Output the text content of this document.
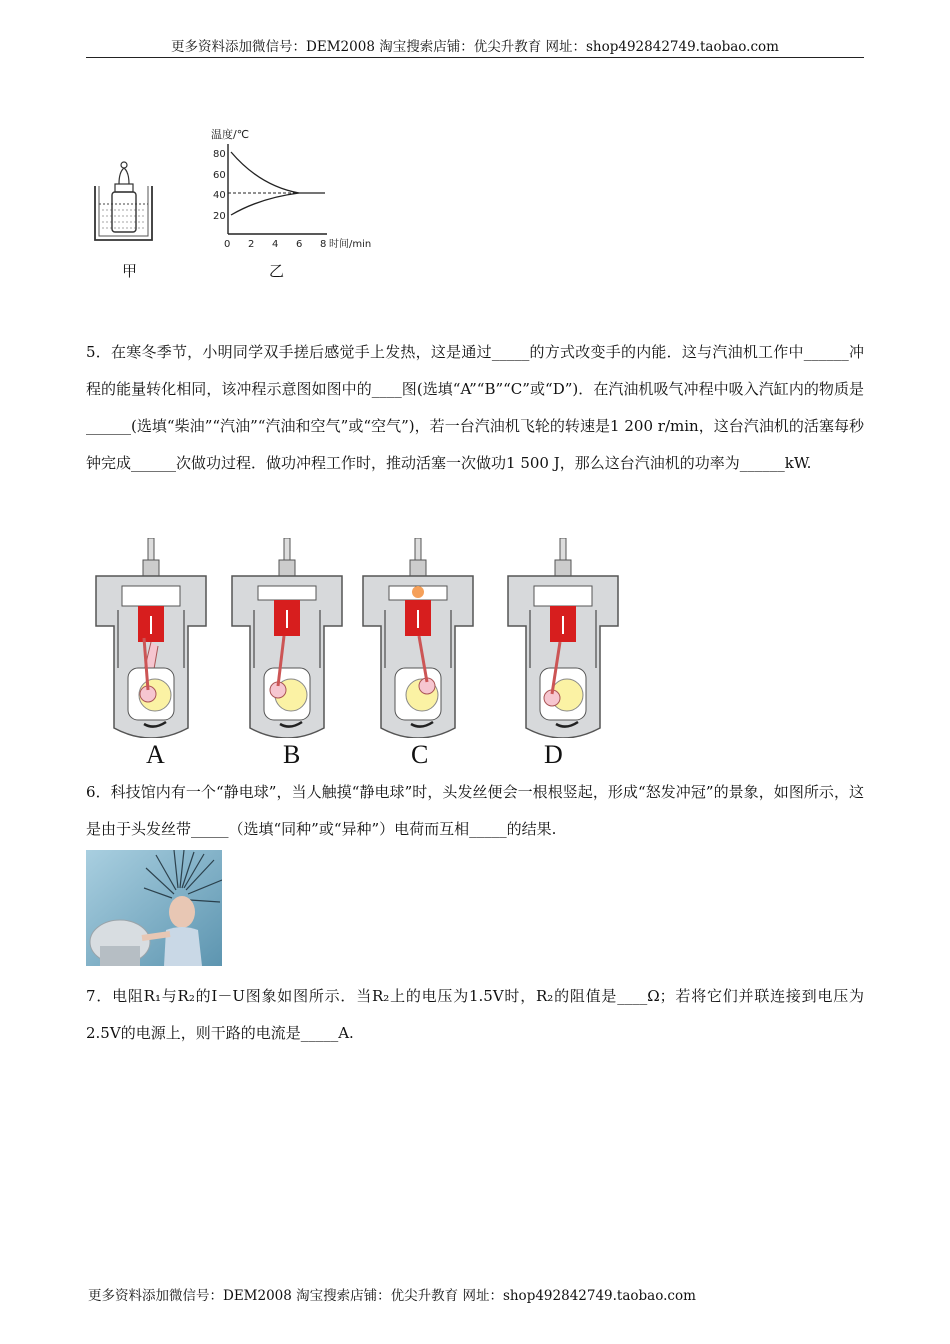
更多资料添加微信号：DEM2008 淘宝搜索店铺：优尖升教育 网址：shop492842749.taobao.com
甲
温度/℃
80
60
40
20
0 2 4 6 8 时间/min
乙
5．在寒冬季节，小明同学双手搓后感觉手上发热，这是通过_____的方式改变手的内能．这与汽油机工作中______冲程的能量转化相同，该冲程示意图如图中的____图(选填“A”“B”“C”或“D”)．在汽油机吸气冲程中吸入汽缸内的物质是______(选填“柴油”“汽油”“汽油和空气”或“空气”)，若一台汽油机飞轮的转速是1 200 r/min，这台汽油机的活塞每秒钟完成______次做功过程．做功冲程工作时，推动活塞一次做功1 500 J，那么这台汽油机的功率为______kW.
A	B	C	D
6．科技馆内有一个“静电球”，当人触摸“静电球”时，头发丝便会一根根竖起，形成“怒发冲冠”的景象，如图所示，这是由于头发丝带_____（选填“同种”或“异种”）电荷而互相_____的结果.
7．电阻R₁与R₂的I－U图象如图所示．当R₂上的电压为1.5V时，R₂的阻值是____Ω；若将它们并联连接到电压为2.5V的电源上，则干路的电流是_____A.
更多资料添加微信号：DEM2008 淘宝搜索店铺：优尖升教育 网址：shop492842749.taobao.com
